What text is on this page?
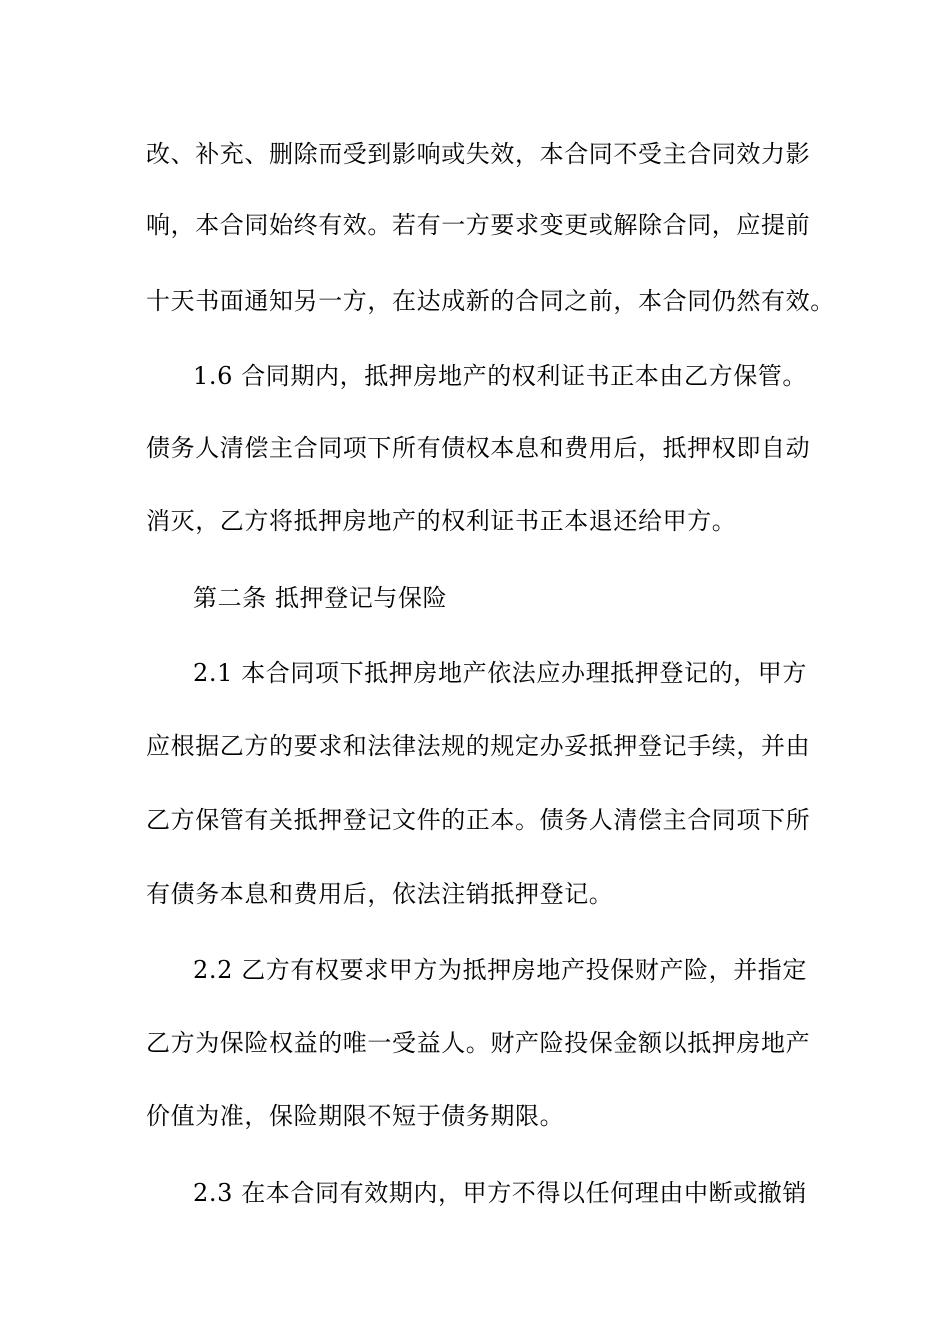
改、补充、删除而受到影响或失效，本合同不受主合同效力影
响，本合同始终有效。若有一方要求变更或解除合同，应提前
十天书面通知另一方，在达成新的合同之前，本合同仍然有效。
1.6 合同期内，抵押房地产的权利证书正本由乙方保管。
债务人清偿主合同项下所有债权本息和费用后，抵押权即自动
消灭，乙方将抵押房地产的权利证书正本退还给甲方。
第二条 抵押登记与保险
2.1 本合同项下抵押房地产依法应办理抵押登记的，甲方
应根据乙方的要求和法律法规的规定办妥抵押登记手续，并由
乙方保管有关抵押登记文件的正本。债务人清偿主合同项下所
有债务本息和费用后，依法注销抵押登记。
2.2 乙方有权要求甲方为抵押房地产投保财产险，并指定
乙方为保险权益的唯一受益人。财产险投保金额以抵押房地产
价值为准，保险期限不短于债务期限。
2.3 在本合同有效期内，甲方不得以任何理由中断或撤销
